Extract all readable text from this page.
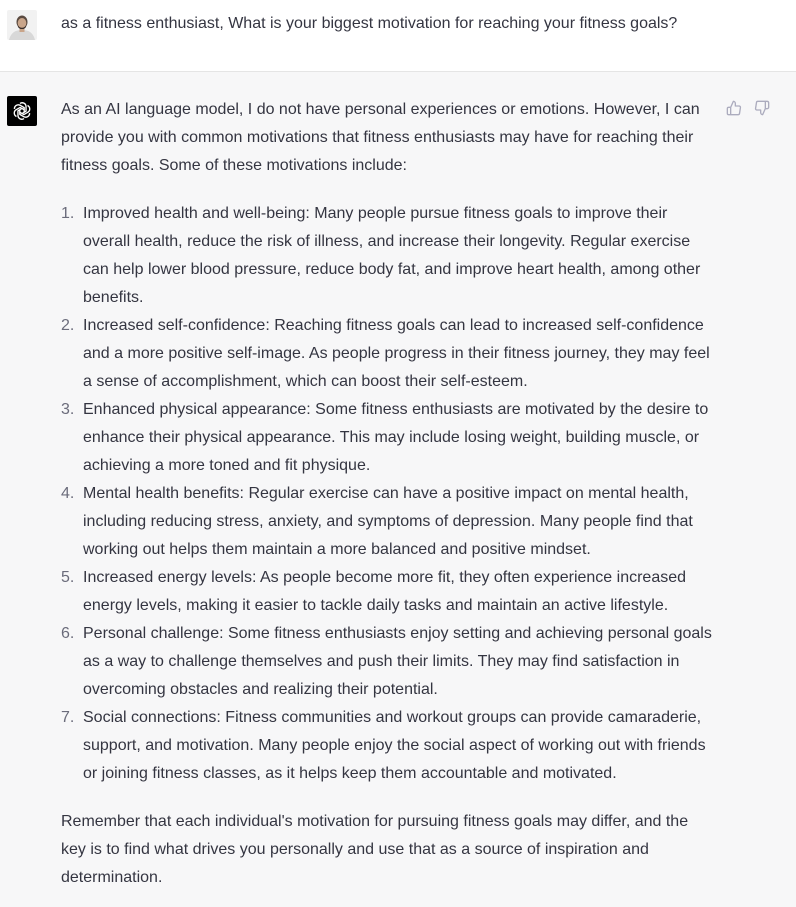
as a fitness enthusiast, What is your biggest motivation for reaching your fitness goals?

As an AI language model, I do not have personal experiences or emotions. However, I can provide you with common motivations that fitness enthusiasts may have for reaching their fitness goals. Some of these motivations include:

1. Improved health and well-being: Many people pursue fitness goals to improve their overall health, reduce the risk of illness, and increase their longevity. Regular exercise can help lower blood pressure, reduce body fat, and improve heart health, among other benefits.
2. Increased self-confidence: Reaching fitness goals can lead to increased self-confidence and a more positive self-image. As people progress in their fitness journey, they may feel a sense of accomplishment, which can boost their self-esteem.
3. Enhanced physical appearance: Some fitness enthusiasts are motivated by the desire to enhance their physical appearance. This may include losing weight, building muscle, or achieving a more toned and fit physique.
4. Mental health benefits: Regular exercise can have a positive impact on mental health, including reducing stress, anxiety, and symptoms of depression. Many people find that working out helps them maintain a more balanced and positive mindset.
5. Increased energy levels: As people become more fit, they often experience increased energy levels, making it easier to tackle daily tasks and maintain an active lifestyle.
6. Personal challenge: Some fitness enthusiasts enjoy setting and achieving personal goals as a way to challenge themselves and push their limits. They may find satisfaction in overcoming obstacles and realizing their potential.
7. Social connections: Fitness communities and workout groups can provide camaraderie, support, and motivation. Many people enjoy the social aspect of working out with friends or joining fitness classes, as it helps keep them accountable and motivated.

Remember that each individual's motivation for pursuing fitness goals may differ, and the key is to find what drives you personally and use that as a source of inspiration and determination.
